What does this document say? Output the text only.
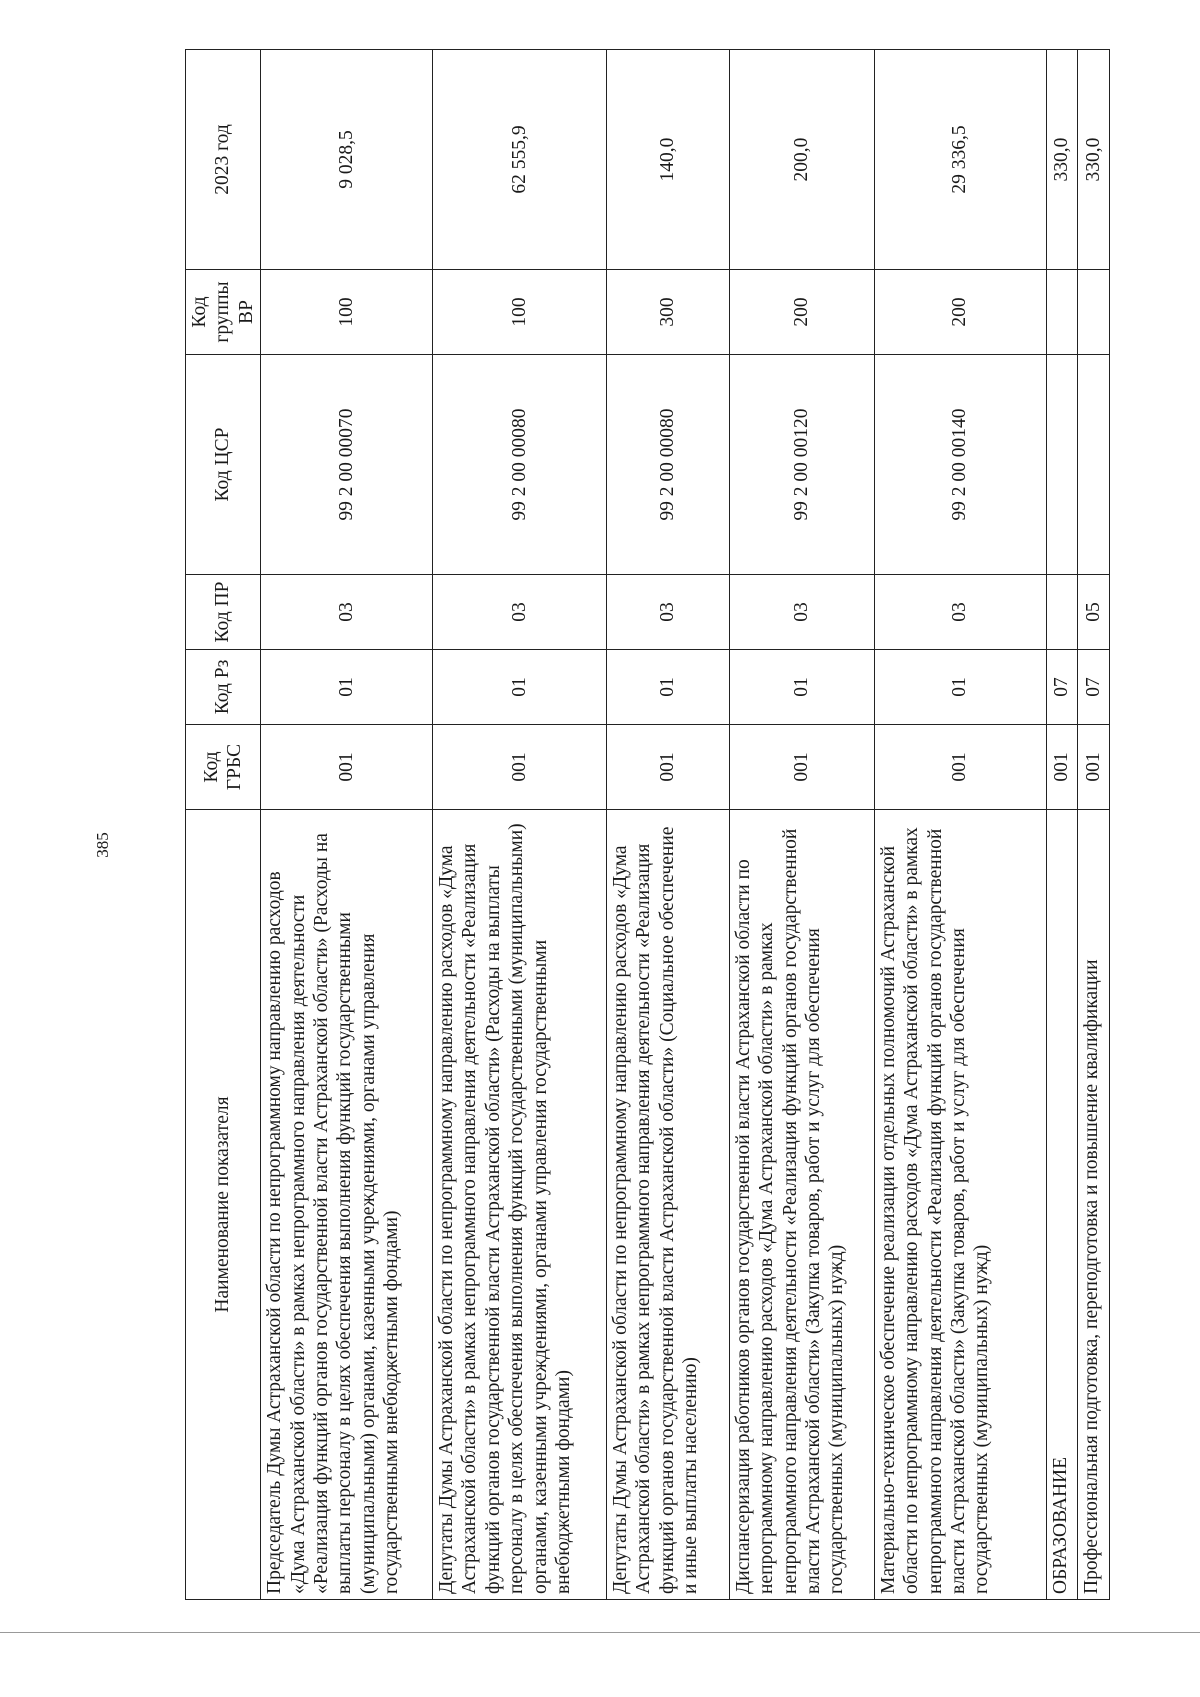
385
Наименование показателя	Код ГРБС	Код Рз	Код ПР	Код ЦСР	Код группы ВР	2023 год
Председатель Думы Астраханской области по непрограммному направлению расходов «Дума Астраханской области» в рамках непрограммного направления деятельности «Реализация функций органов государственной власти Астраханской области» (Расходы на выплаты персоналу в целях обеспечения выполнения функций государственными (муниципальными) органами, казенными учреждениями, органами управления государственными внебюджетными фондами)	001	01	03	99 2 00 00070	100	9 028,5
Депутаты Думы Астраханской области по непрограммному направлению расходов «Дума Астраханской области» в рамках непрограммного направления деятельности «Реализация функций органов государственной власти Астраханской области» (Расходы на выплаты персоналу в целях обеспечения выполнения функций государственными (муниципальными) органами, казенными учреждениями, органами управления государственными внебюджетными фондами)	001	01	03	99 2 00 00080	100	62 555,9
Депутаты Думы Астраханской области по непрограммному направлению расходов «Дума Астраханской области» в рамках непрограммного направления деятельности «Реализация функций органов государственной власти Астраханской области» (Социальное обеспечение и иные выплаты населению)	001	01	03	99 2 00 00080	300	140,0
Диспансеризация работников органов государственной власти Астраханской области по непрограммному направлению расходов «Дума Астраханской области» в рамках непрограммного направления деятельности «Реализация функций органов государственной власти Астраханской области» (Закупка товаров, работ и услуг для обеспечения государственных (муниципальных) нужд)	001	01	03	99 2 00 00120	200	200,0
Материально-техническое обеспечение реализации отдельных полномочий Астраханской области по непрограммному направлению расходов «Дума Астраханской области» в рамках непрограммного направления деятельности «Реализация функций органов государственной власти Астраханской области» (Закупка товаров, работ и услуг для обеспечения государственных (муниципальных) нужд)	001	01	03	99 2 00 00140	200	29 336,5
ОБРАЗОВАНИЕ	001	07				330,0
Профессиональная подготовка, переподготовка и повышение квалификации	001	07	05			330,0
